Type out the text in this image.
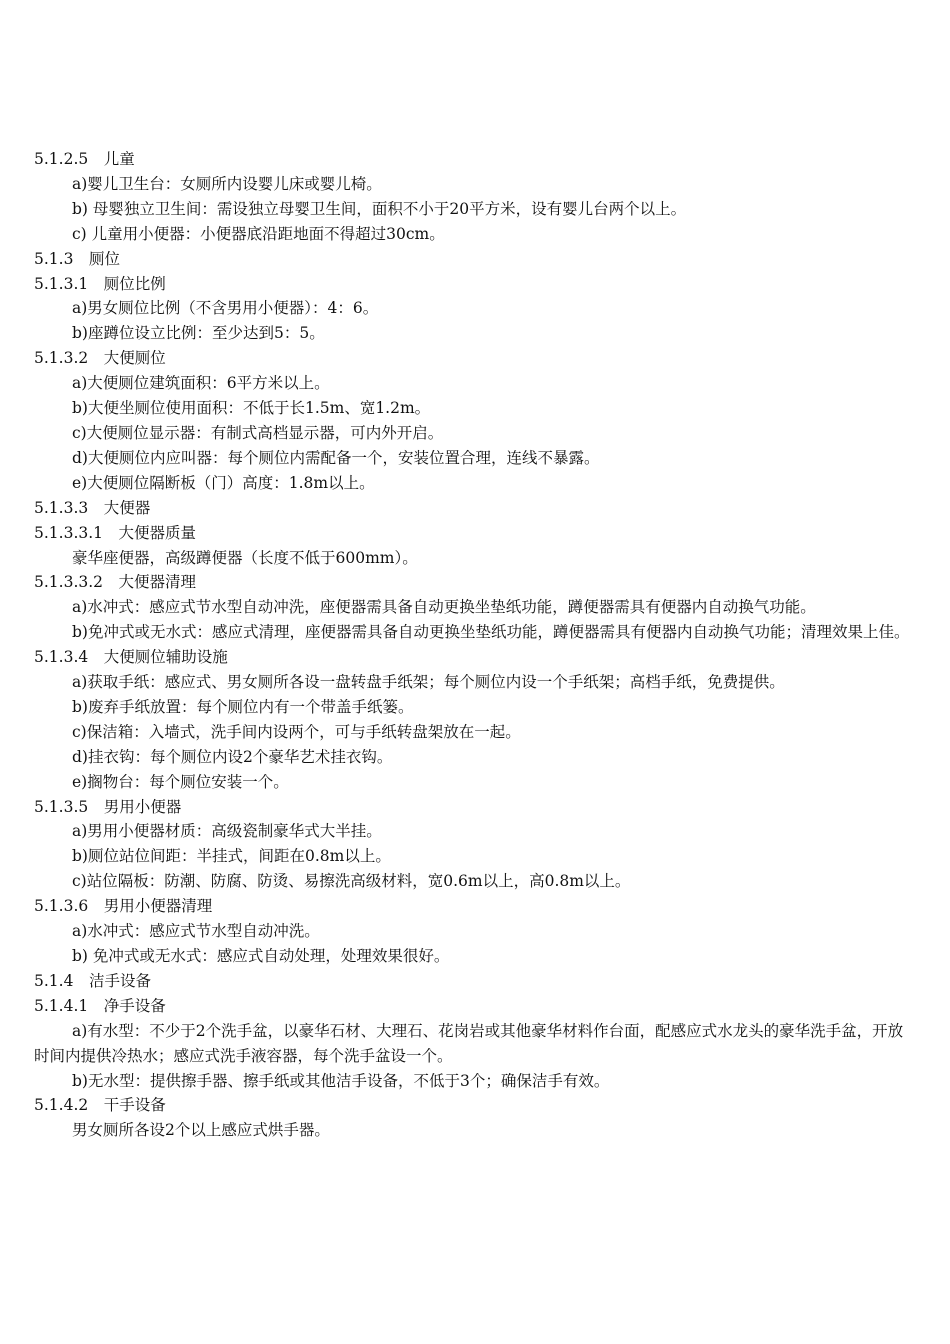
5.1.2.5　儿童
a)婴儿卫生台：女厕所内设婴儿床或婴儿椅。
b) 母婴独立卫生间：需设独立母婴卫生间，面积不小于20平方米，设有婴儿台两个以上。
c) 儿童用小便器：小便器底沿距地面不得超过30cm。
5.1.3　厕位
5.1.3.1　厕位比例
a)男女厕位比例（不含男用小便器）：4：6。
b)座蹲位设立比例：至少达到5：5。
5.1.3.2　大便厕位
a)大便厕位建筑面积：6平方米以上。
b)大便坐厕位使用面积：不低于长1.5m、宽1.2m。
c)大便厕位显示器：有制式高档显示器，可内外开启。
d)大便厕位内应叫器：每个厕位内需配备一个，安装位置合理，连线不暴露。
e)大便厕位隔断板（门）高度：1.8m以上。
5.1.3.3　大便器
5.1.3.3.1　大便器质量
豪华座便器，高级蹲便器（长度不低于600mm）。
5.1.3.3.2　大便器清理
a)水冲式：感应式节水型自动冲洗，座便器需具备自动更换坐垫纸功能，蹲便器需具有便器内自动换气功能。
b)免冲式或无水式：感应式清理，座便器需具备自动更换坐垫纸功能，蹲便器需具有便器内自动换气功能；清理效果上佳。
5.1.3.4　大便厕位辅助设施
a)获取手纸：感应式、男女厕所各设一盘转盘手纸架；每个厕位内设一个手纸架；高档手纸，免费提供。
b)废弃手纸放置：每个厕位内有一个带盖手纸篓。
c)保洁箱：入墙式，洗手间内设两个，可与手纸转盘架放在一起。
d)挂衣钩：每个厕位内设2个豪华艺术挂衣钩。
e)搁物台：每个厕位安装一个。
5.1.3.5　男用小便器
a)男用小便器材质：高级瓷制豪华式大半挂。
b)厕位站位间距：半挂式，间距在0.8m以上。
c)站位隔板：防潮、防腐、防烫、易擦洗高级材料，宽0.6m以上，高0.8m以上。
5.1.3.6　男用小便器清理
a)水冲式：感应式节水型自动冲洗。
b) 免冲式或无水式：感应式自动处理，处理效果很好。
5.1.4　洁手设备
5.1.4.1　净手设备
a)有水型：不少于2个洗手盆，以豪华石材、大理石、花岗岩或其他豪华材料作台面，配感应式水龙头的豪华洗手盆，开放时间内提供冷热水；感应式洗手液容器，每个洗手盆设一个。
b)无水型：提供擦手器、擦手纸或其他洁手设备，不低于3个；确保洁手有效。
5.1.4.2　干手设备
男女厕所各设2个以上感应式烘手器。
